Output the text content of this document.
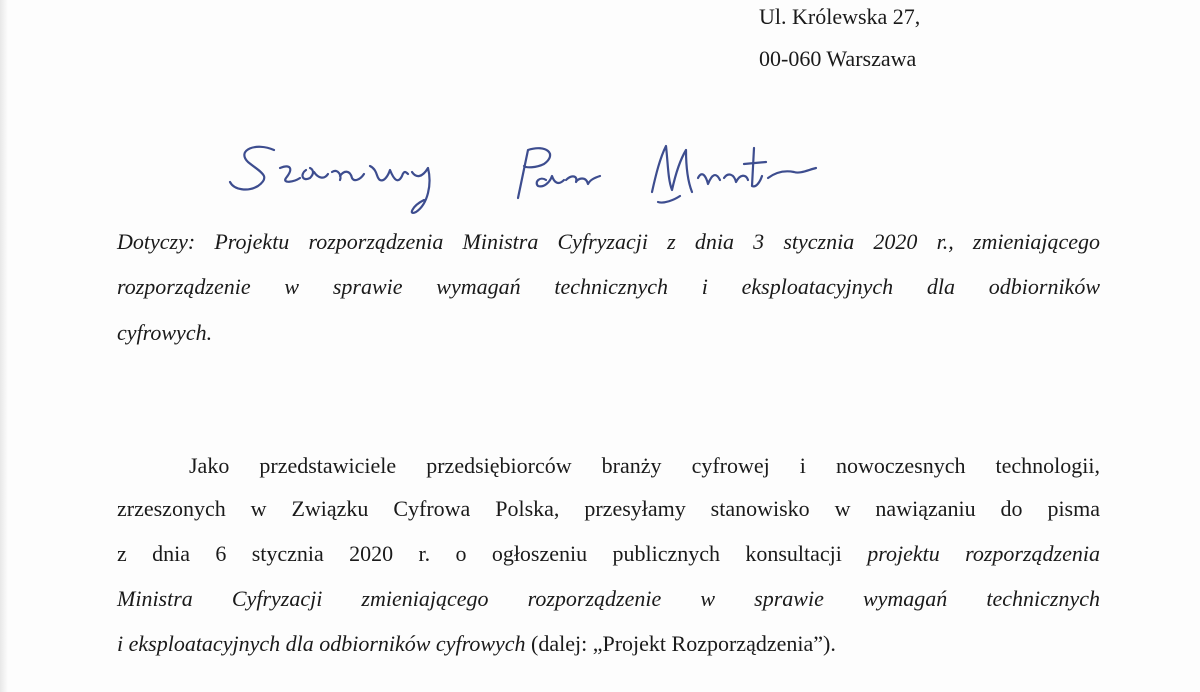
Ul. Królewska 27,
00-060 Warszawa
Dotyczy: Projektu rozporządzenia Ministra Cyfryzacji z dnia 3 stycznia 2020 r., zmieniającego
rozporządzenie w sprawie wymagań technicznych i eksploatacyjnych dla odbiorników
cyfrowych.
Jako przedstawiciele przedsiębiorców branży cyfrowej i nowoczesnych technologii,
zrzeszonych w Związku Cyfrowa Polska, przesyłamy stanowisko w nawiązaniu do pisma
z dnia 6 stycznia 2020 r. o ogłoszeniu publicznych konsultacji projektu rozporządzenia
Ministra Cyfryzacji zmieniającego rozporządzenie w sprawie wymagań technicznych
i eksploatacyjnych dla odbiorników cyfrowych (dalej: „Projekt Rozporządzenia”).
